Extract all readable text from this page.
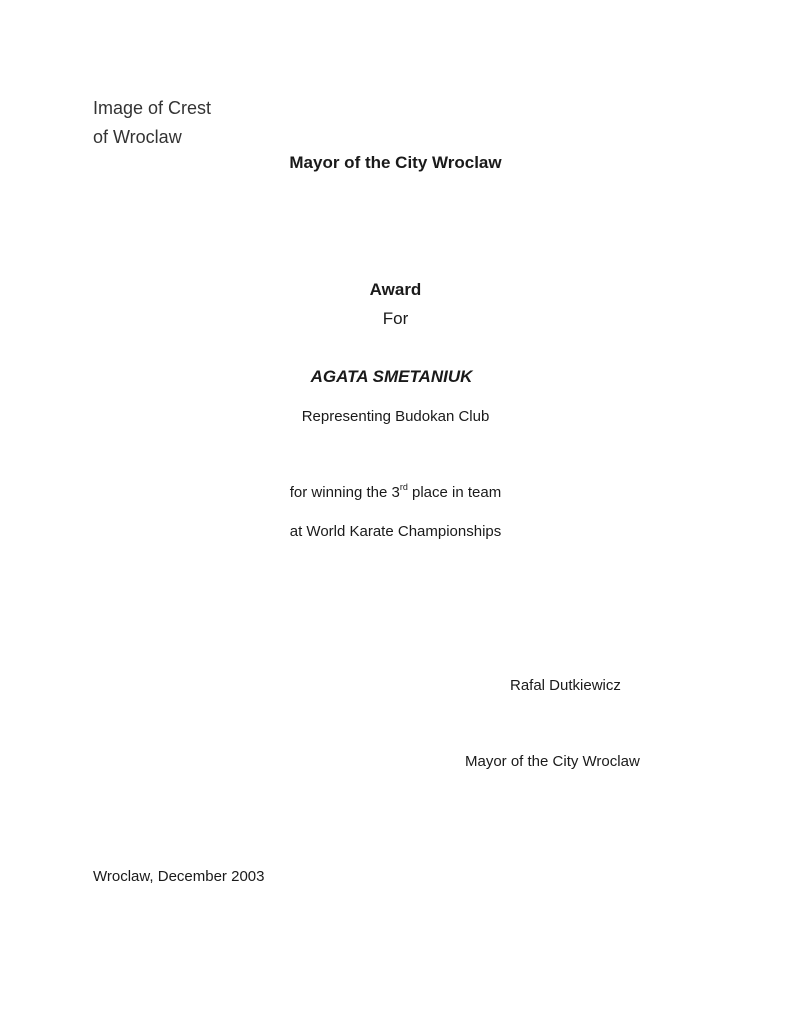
Image of Crest
of Wroclaw
Mayor of the City Wroclaw
Award
For
AGATA SMETANIUK
Representing Budokan Club
for winning the 3rd place in team
at World Karate Championships
Rafal Dutkiewicz
Mayor of the City Wroclaw
Wroclaw, December 2003
